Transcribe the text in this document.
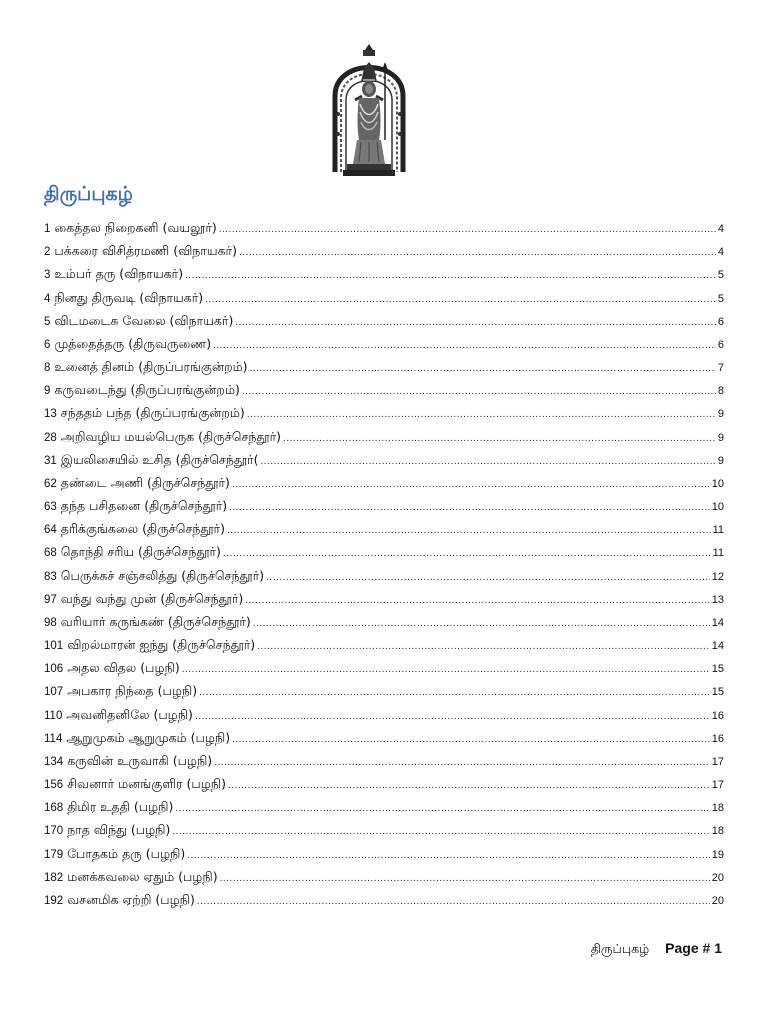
திருப்புகழ்
1 கைத்தல நிறைகனி (வயலூர்) .....	4
2 பக்கரை விசித்ரமணி (விநாயகர்) .....	4
3 உம்பர் தரு (விநாயகர்) .....	5
4 நினது திருவடி (விநாயகர்) .....	5
5 விடமடைசு வேலை (விநாயகர்) .....	6
6 முத்தைத்தரு (திருவருணை) .....	6
8 உனைத் தினம் (திருப்பரங்குன்றம்) .....	7
9 கருவடைந்து (திருப்பரங்குன்றம்) .....	8
13 சந்ததம் பந்த (திருப்பரங்குன்றம்) .....	9
28 அறிவழிய மயல்பெருக (திருச்செந்தூர்) .....	9
31 இயலிசையில் உசித (திருச்செந்தூர்( .....	9
62 தண்டை அணி (திருச்செந்தூர்) .....	10
63 தந்த பசிதனை (திருச்செந்தூர்) .....	10
64 தரிக்குங்கலை (திருச்செந்தூர்) .....	11
68 தொந்தி சரிய (திருச்செந்தூர்) .....	11
83 பெருக்கச் சஞ்சலித்து (திருச்செந்தூர்) .....	12
97 வந்து வந்து முன் (திருச்செந்தூர்) .....	13
98 வரியார் கருங்கண் (திருச்செந்தூர்) .....	14
101 விறல்மாரன் ஐந்து (திருச்செந்தூர்) .....	14
106 அதல விதல (பழநி) .....	15
107 அபகார நிந்தை (பழநி) .....	15
110 அவனிதனிலே (பழநி) .....	16
114 ஆறுமுகம் ஆறுமுகம் (பழநி) .....	16
134 கருவின் உருவாகி (பழநி) .....	17
156 சிவனார் மனங்குளிர (பழநி) .....	17
168 திமிர உததி (பழநி) .....	18
170 நாத விந்து (பழநி) .....	18
179 போதகம் தரு (பழநி) .....	19
182 மனக்கவலை ஏதும் (பழநி) .....	20
192 வசனமிக ஏற்றி (பழநி) .....	20
திருப்புகழ் Page # 1
